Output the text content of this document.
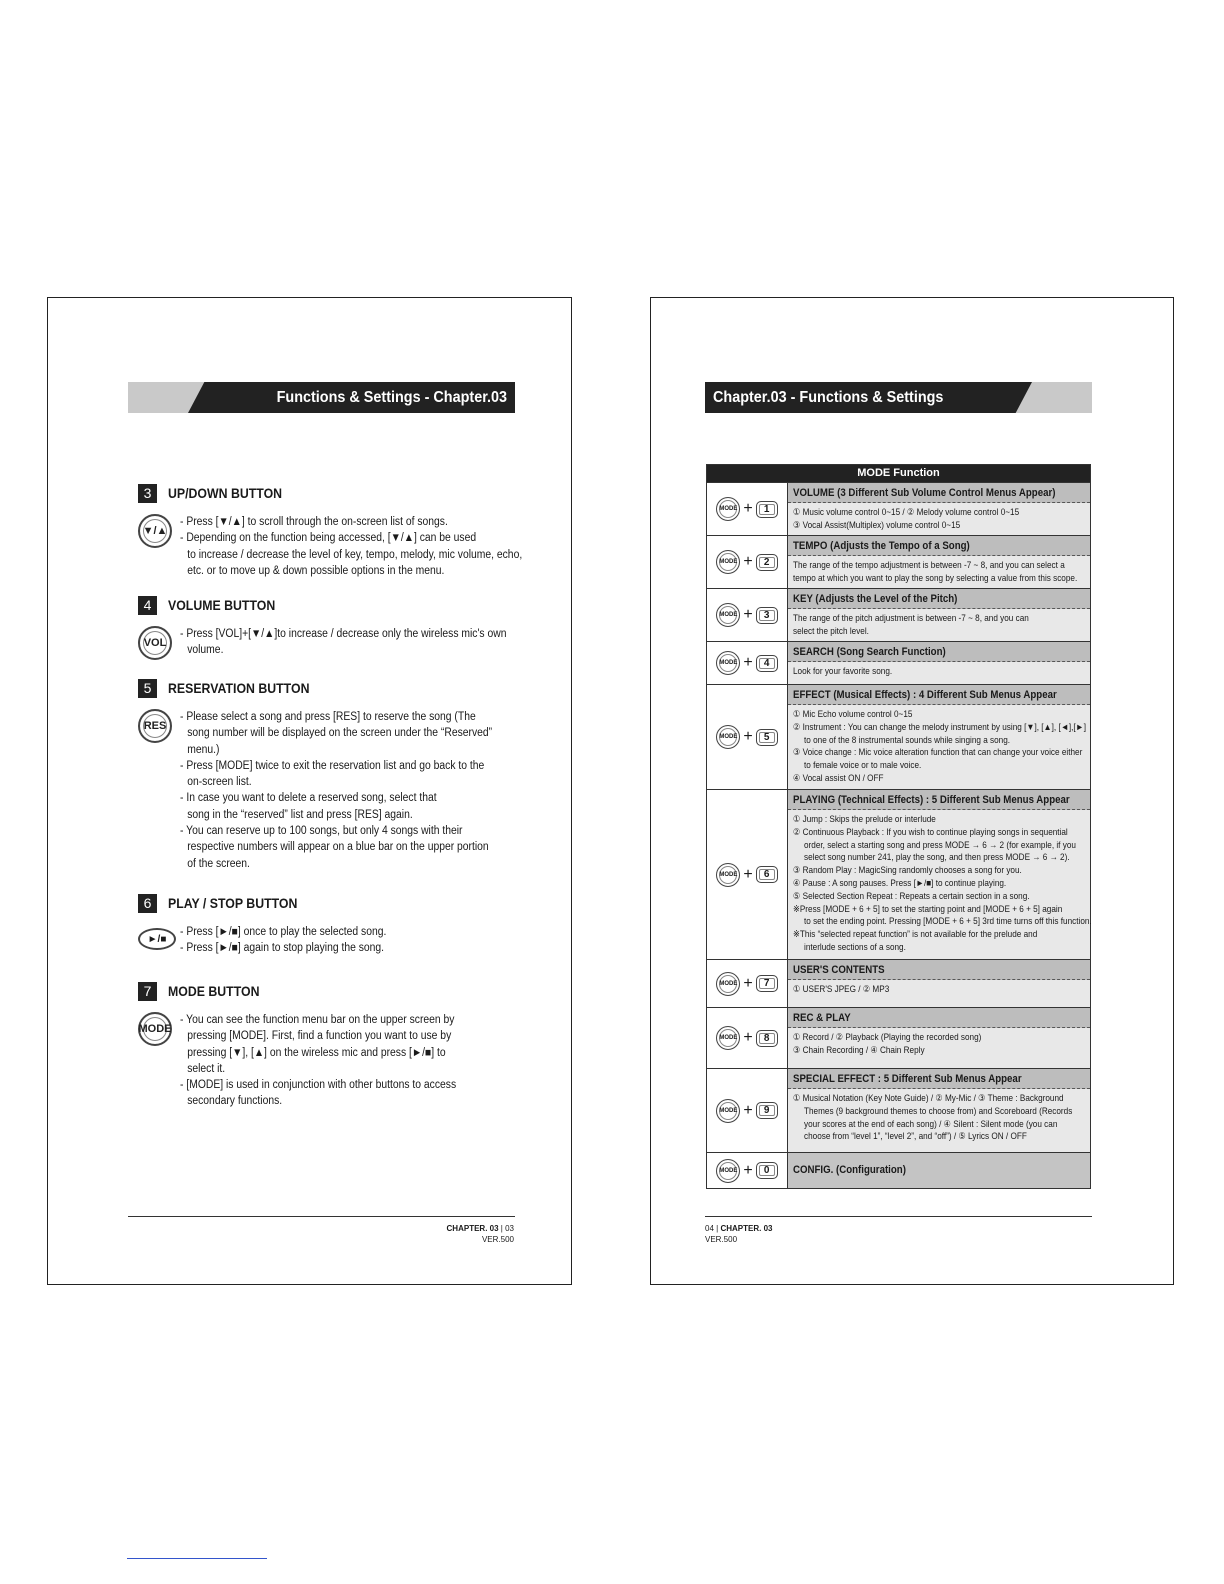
Functions & Settings - Chapter.03
3	UP/DOWN BUTTON
▼/▲
- Press [▼/▲] to scroll through the on-screen list of songs.
- Depending on the function being accessed, [▼/▲] can be used
to increase / decrease the level of key, tempo, melody, mic volume, echo,
etc. or to move up & down possible options in the menu.
4	VOLUME BUTTON
VOL
- Press [VOL]+[▼/▲]to increase / decrease only the wireless mic's own
volume.
5	RESERVATION BUTTON
RES
- Please select a song and press [RES] to reserve the song (The
song number will be displayed on the screen under the “Reserved”
menu.)
- Press [MODE] twice to exit the reservation list and go back to the
on-screen list.
- In case you want to delete a reserved song, select that
song in the “reserved” list and press [RES] again.
- You can reserve up to 100 songs, but only 4 songs with their
respective numbers will appear on a blue bar on the upper portion
of the screen.
6	PLAY / STOP BUTTON
►/■
- Press [►/■] once to play the selected song.
- Press [►/■] again to stop playing the song.
7	MODE BUTTON
MODE
- You can see the function menu bar on the upper screen by
pressing [MODE]. First, find a function you want to use by
pressing [▼], [▲] on the wireless mic and press [►/■] to
select it.
- [MODE] is used in conjunction with other buttons to access
secondary functions.
CHAPTER. 03 | 03
VER.500
Chapter.03 - Functions & Settings
MODE Function
MODE +	1
VOLUME (3 Different Sub Volume Control Menus Appear)
① Music volume control 0~15 / ② Melody volume control 0~15
③ Vocal Assist(Multiplex) volume control 0~15
MODE +	2
TEMPO (Adjusts the Tempo of a Song)
The range of the tempo adjustment is between -7 ~ 8, and you can select a
tempo at which you want to play the song by selecting a value from this scope.
MODE +	3
KEY (Adjusts the Level of the Pitch)
The range of the pitch adjustment is between -7 ~ 8, and you can
select the pitch level.
MODE +	4
SEARCH (Song Search Function)
Look for your favorite song.
MODE +	5
EFFECT (Musical Effects) : 4 Different Sub Menus Appear
① Mic Echo volume control 0~15
② Instrument : You can change the melody instrument by using [▼], [▲], [◄],[►]
to one of the 8 instrumental sounds while singing a song.
③ Voice change : Mic voice alteration function that can change your voice either
to female voice or to male voice.
④ Vocal assist ON / OFF
MODE +	6
PLAYING (Technical Effects) : 5 Different Sub Menus Appear
① Jump : Skips the prelude or interlude
② Continuous Playback : If you wish to continue playing songs in sequential
order, select a starting song and press MODE → 6 → 2 (for example, if you
select song number 241, play the song, and then press MODE → 6 → 2).
③ Random Play : MagicSing randomly chooses a song for you.
④ Pause : A song pauses. Press [►/■] to continue playing.
⑤ Selected Section Repeat : Repeats a certain section in a song.
※Press [MODE + 6 + 5] to set the starting point and [MODE + 6 + 5] again
to set the ending point. Pressing [MODE + 6 + 5] 3rd time turns off this function.
※This “selected repeat function” is not available for the prelude and
interlude sections of a song.
MODE +	7
USER'S CONTENTS
① USER'S JPEG / ② MP3
MODE +	8
REC & PLAY
① Record / ② Playback (Playing the recorded song)
③ Chain Recording / ④ Chain Reply
MODE +	9
SPECIAL EFFECT : 5 Different Sub Menus Appear
① Musical Notation (Key Note Guide) / ② My-Mic / ③ Theme : Background
Themes (9 background themes to choose from) and Scoreboard (Records
your scores at the end of each song) / ④ Silent : Silent mode (you can
choose from “level 1”, “level 2”, and “off”) / ⑤ Lyrics ON / OFF
MODE +	0	CONFIG. (Configuration)
04 | CHAPTER. 03
VER.500
